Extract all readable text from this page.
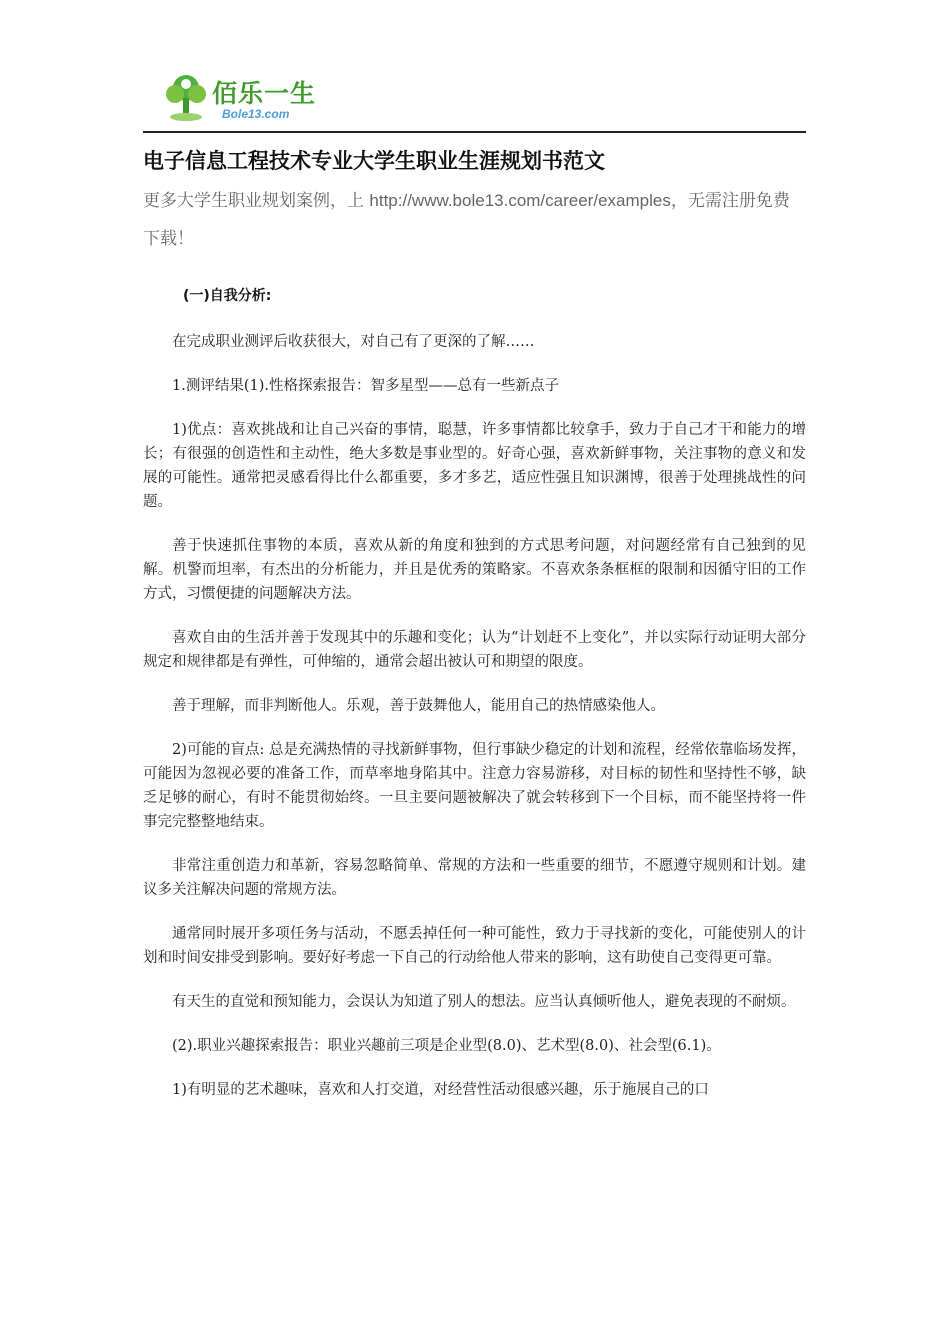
佰乐一生
Bole13.com
电子信息工程技术专业大学生职业生涯规划书范文
更多大学生职业规划案例，上 http://www.bole13.com/career/examples，无需注册免费下载！
(一)自我分析:

在完成职业测评后收获很大，对自己有了更深的了解……

1.测评结果(1).性格探索报告：智多星型——总有一些新点子

1)优点：喜欢挑战和让自己兴奋的事情，聪慧，许多事情都比较拿手，致力于自己才干和能力的增长；有很强的创造性和主动性，绝大多数是事业型的。好奇心强，喜欢新鲜事物，关注事物的意义和发展的可能性。通常把灵感看得比什么都重要，多才多艺，适应性强且知识渊博，很善于处理挑战性的问题。

善于快速抓住事物的本质，喜欢从新的角度和独到的方式思考问题，对问题经常有自己独到的见解。机警而坦率，有杰出的分析能力，并且是优秀的策略家。不喜欢条条框框的限制和因循守旧的工作方式，习惯便捷的问题解决方法。

喜欢自由的生活并善于发现其中的乐趣和变化；认为“计划赶不上变化”，并以实际行动证明大部分规定和规律都是有弹性，可伸缩的，通常会超出被认可和期望的限度。

善于理解，而非判断他人。乐观，善于鼓舞他人，能用自己的热情感染他人。

2)可能的盲点: 总是充满热情的寻找新鲜事物，但行事缺少稳定的计划和流程，经常依靠临场发挥，可能因为忽视必要的准备工作，而草率地身陷其中。注意力容易游移，对目标的韧性和坚持性不够，缺乏足够的耐心，有时不能贯彻始终。一旦主要问题被解决了就会转移到下一个目标，而不能坚持将一件事完完整整地结束。

非常注重创造力和革新，容易忽略简单、常规的方法和一些重要的细节，不愿遵守规则和计划。建议多关注解决问题的常规方法。

通常同时展开多项任务与活动，不愿丢掉任何一种可能性，致力于寻找新的变化，可能使别人的计划和时间安排受到影响。要好好考虑一下自己的行动给他人带来的影响，这有助使自己变得更可靠。

有天生的直觉和预知能力，会误认为知道了别人的想法。应当认真倾听他人，避免表现的不耐烦。

(2).职业兴趣探索报告：职业兴趣前三项是企业型(8.0)、艺术型(8.0)、社会型(6.1)。

1)有明显的艺术趣味，喜欢和人打交道，对经营性活动很感兴趣，乐于施展自己的口
